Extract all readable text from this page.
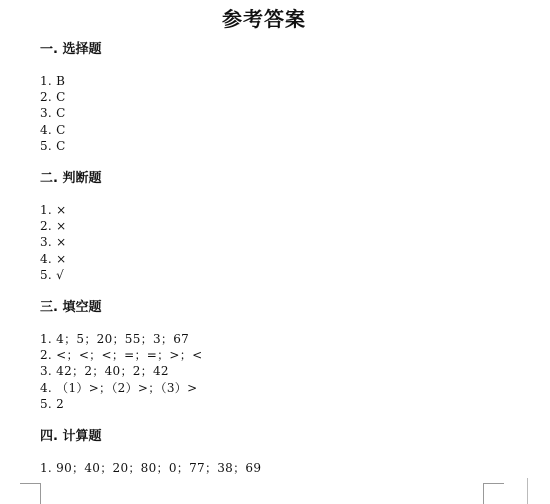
参考答案
一. 选择题
1. B
2. C
3. C
4. C
5. C
二. 判断题
1. ×
2. ×
3. ×
4. ×
5. √
三. 填空题
1. 4；5；20；55；3；67
2. <；<；<；=；=；>；<
3. 42；2；40；2；42
4. （1）>；（2）>；（3）>
5. 2
四. 计算题
1. 90；40；20；80；0；77；38；69
